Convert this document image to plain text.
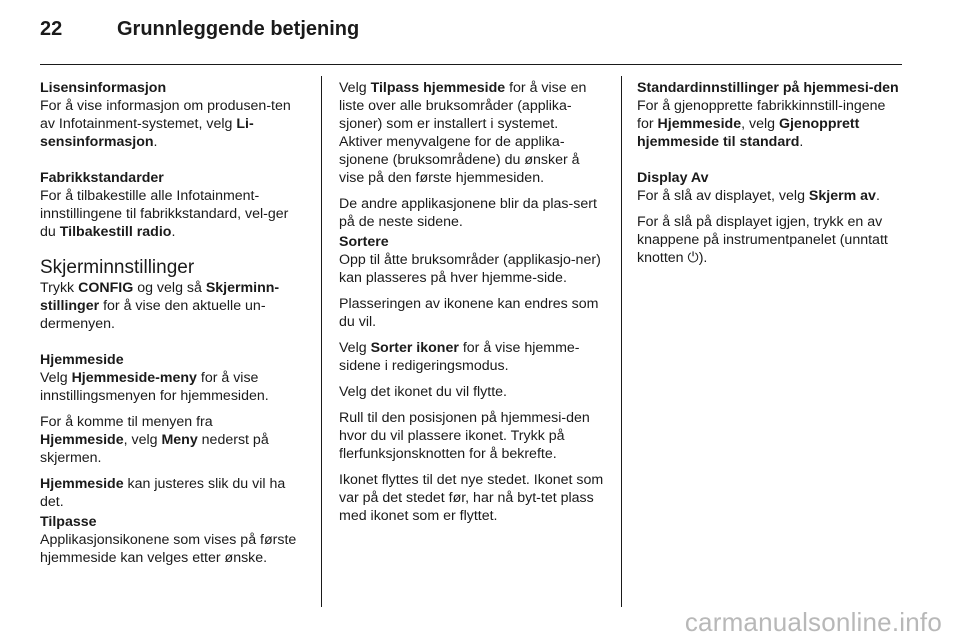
22	Grunnleggende betjening
Lisensinformasjon

For å vise informasjon om produsen-ten av Infotainment-systemet, velg Li-sensinformasjon.

Fabrikkstandarder

For å tilbakestille alle Infotainment-innstillingene til fabrikkstandard, vel-ger du Tilbakestill radio.

Skjerminnstillinger

Trykk CONFIG og velg så Skjerminn-stillinger for å vise den aktuelle un-dermenyen.

Hjemmeside

Velg Hjemmeside-meny for å vise innstillingsmenyen for hjemmesiden.

For å komme til menyen fra Hjemmeside, velg Meny nederst på skjermen.

Hjemmeside kan justeres slik du vil ha det.

Tilpasse

Applikasjonsikonene som vises på første hjemmeside kan velges etter ønske.

Velg Tilpass hjemmeside for å vise en liste over alle bruksområder (applika-sjoner) som er installert i systemet. Aktiver menyvalgene for de applika-sjonene (bruksområdene) du ønsker å vise på den første hjemmesiden.

De andre applikasjonene blir da plas-sert på de neste sidene.

Sortere

Opp til åtte bruksområder (applikasjo-ner) kan plasseres på hver hjemme-side.

Plasseringen av ikonene kan endres som du vil.

Velg Sorter ikoner for å vise hjemme-sidene i redigeringsmodus.

Velg det ikonet du vil flytte.

Rull til den posisjonen på hjemmesi-den hvor du vil plassere ikonet. Trykk på flerfunksjonsknotten for å bekrefte.

Ikonet flyttes til det nye stedet. Ikonet som var på det stedet før, har nå byt-tet plass med ikonet som er flyttet.

Standardinnstillinger på hjemmesi-den

For å gjenopprette fabrikkinnstill-ingene for Hjemmeside, velg Gjenopprett hjemmeside til standard.

Display Av

For å slå av displayet, velg Skjerm av.

For å slå på displayet igjen, trykk en av knappene på instrumentpanelet (unntatt knotten ⏻).

carmanualsonline.info
